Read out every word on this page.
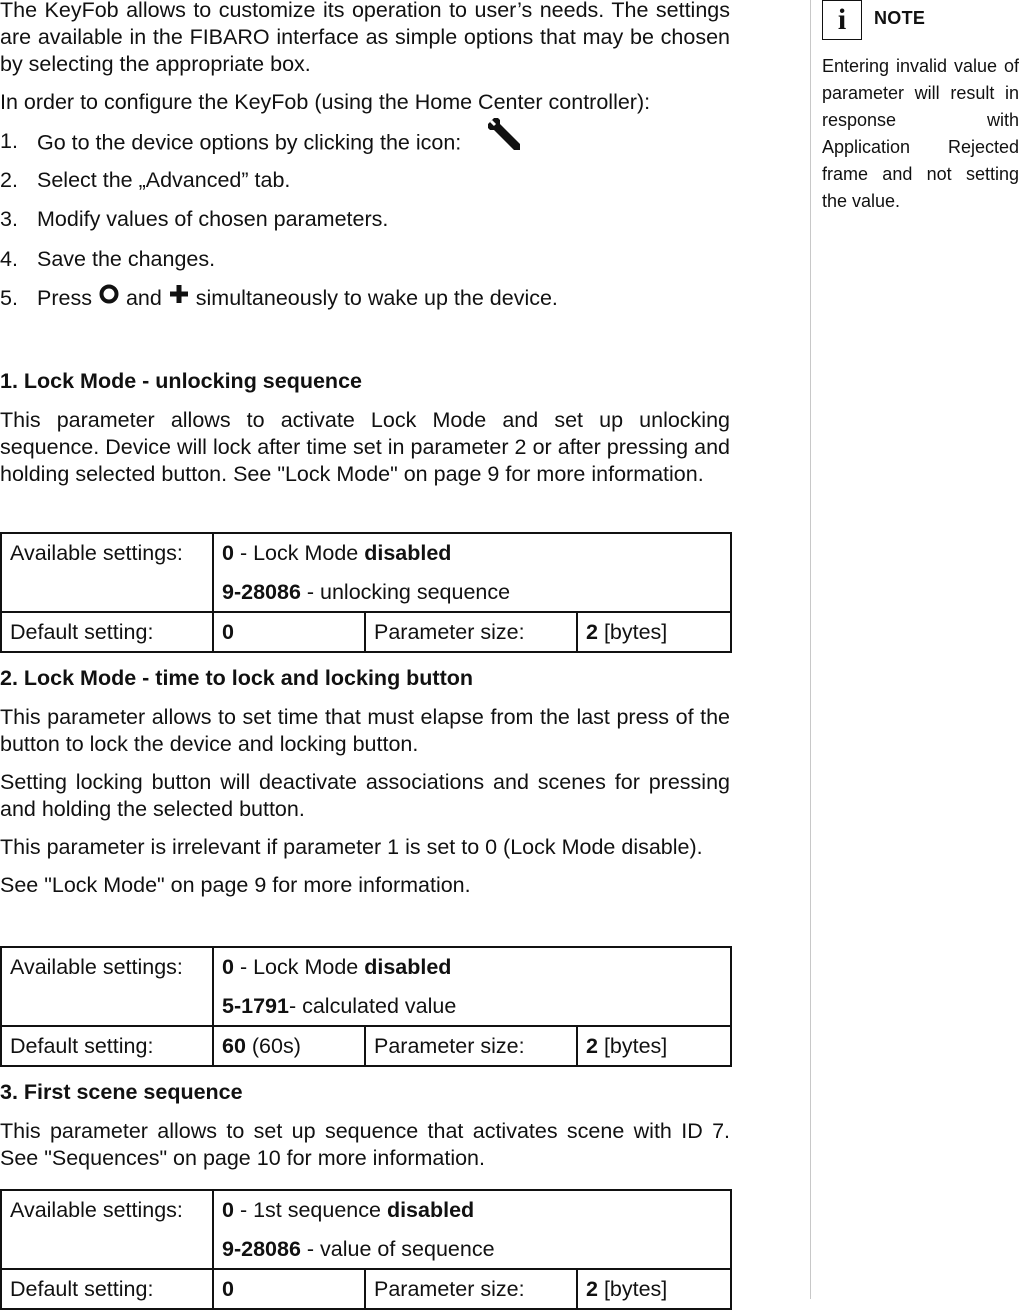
The KeyFob allows to customize its operation to user’s needs. The settings are available in the FIBARO interface as simple options that may be chosen by selecting the appropriate box.

In order to configure the KeyFob (using the Home Center controller):

1. Go to the device options by clicking the icon:
2. Select the „Advanced” tab.
3. Modify values of chosen parameters.
4. Save the changes.
5. Press and simultaneously to wake up the device.
1. Lock Mode - unlocking sequence

This parameter allows to activate Lock Mode and set up unlocking sequence. Device will lock after time set in parameter 2 or after pressing and holding selected button. See "Lock Mode" on page 9 for more information.

Available settings:	0 - Lock Mode disabled
9-28086 - unlocking sequence		

Default setting:	0	Parameter size:	2 [bytes]
2. Lock Mode - time to lock and locking button

This parameter allows to set time that must elapse from the last press of the button to lock the device and locking button.

Setting locking button will deactivate associations and scenes for pressing and holding the selected button.

This parameter is irrelevant if parameter 1 is set to 0 (Lock Mode disable).

See "Lock Mode" on page 9 for more information.

Available settings:	0 - Lock Mode disabled
5-1791- calculated value		

Default setting:	60 (60s)	Parameter size:	2 [bytes]
3. First scene sequence

This parameter allows to set up sequence that activates scene with ID 7. See "Sequences" on page 10 for more information.

Available settings:	0 - 1st sequence disabled
9-28086 - value of sequence		

Default setting:	0	Parameter size:	2 [bytes]
i	NOTE

Entering invalid value of parameter will result in response with Application Rejected frame and not setting the value.
